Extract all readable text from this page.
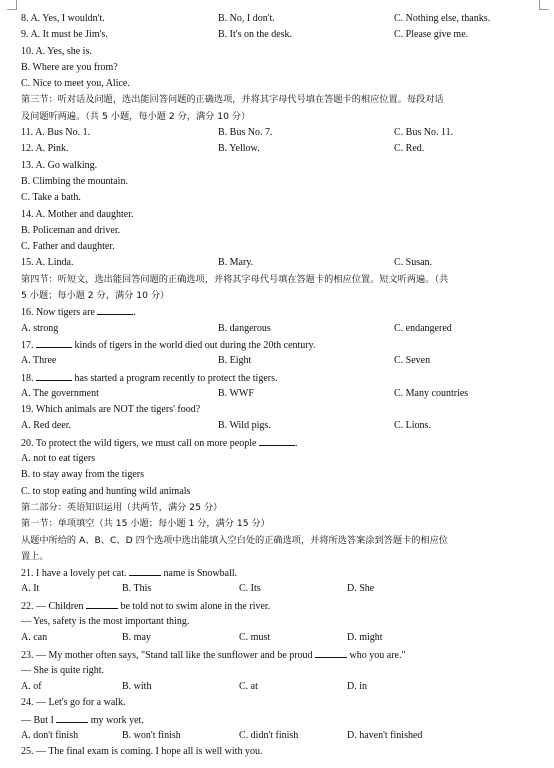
8. A. Yes, I wouldn't.	B. No, I don't.	C. Nothing else, thanks.
9. A. It must be Jim's.	B. It's on the desk.	C. Please give me.
10. A. Yes, she is.
B. Where are you from?
C. Nice to meet you, Alice.
第三节：听对话及问题，选出能回答问题的正确选项，并将其字母代号填在答题卡的相应位置。每段对话
及问题听两遍。（共 5 小题，每小题 2 分，满分 10 分）
11. A. Bus No. 1.	B. Bus No. 7.	C. Bus No. 11.
12. A. Pink.	B. Yellow.	C. Red.
13. A. Go walking.
B. Climbing the mountain.
C. Take a bath.
14. A. Mother and daughter.
B. Policeman and driver.
C. Father and daughter.
15. A. Linda.	B. Mary.	C. Susan.
第四节：听短文，选出能回答问题的正确选项，并将其字母代号填在答题卡的相应位置。短文听两遍。（共
5 小题；每小题 2 分，满分 10 分）
16. Now tigers are	.
A. strong	B. dangerous	C. endangered
17.	kinds of tigers in the world died out during the 20th century.
A. Three	B. Eight	C. Seven
18.	has started a program recently to protect the tigers.
A. The government	B. WWF	C. Many countries
19. Which animals are NOT the tigers' food?
A. Red deer.	B. Wild pigs.	C. Lions.
20. To protect the wild tigers, we must call on more people	.
A. not to eat tigers
B. to stay away from the tigers
C. to stop eating and hunting wild animals
第二部分：英语知识运用（共两节，满分 25 分）
第一节：单项填空（共 15 小题；每小题 1 分，满分 15 分）
从题中所给的 A、B、C、D 四个选项中选出能填入空白处的正确选项，并将所选答案涂到答题卡的相应位
置上。
21. I have a lovely pet cat.	name is Snowball.
A. It	B. This	C. Its	D. She
22. — Children	be told not to swim alone in the river.
— Yes, safety is the most important thing.
A. can	B. may	C. must	D. might
23. — My mother often says, "Stand tall like the sunflower and be proud	who you are."
— She is quite right.
A. of	B. with	C. at	D. in
24. — Let's go for a walk.
— But I	my work yet.
A. don't finish	B. won't finish	C. didn't finish	D. haven't finished
25. — The final exam is coming. I hope all is well with you.
